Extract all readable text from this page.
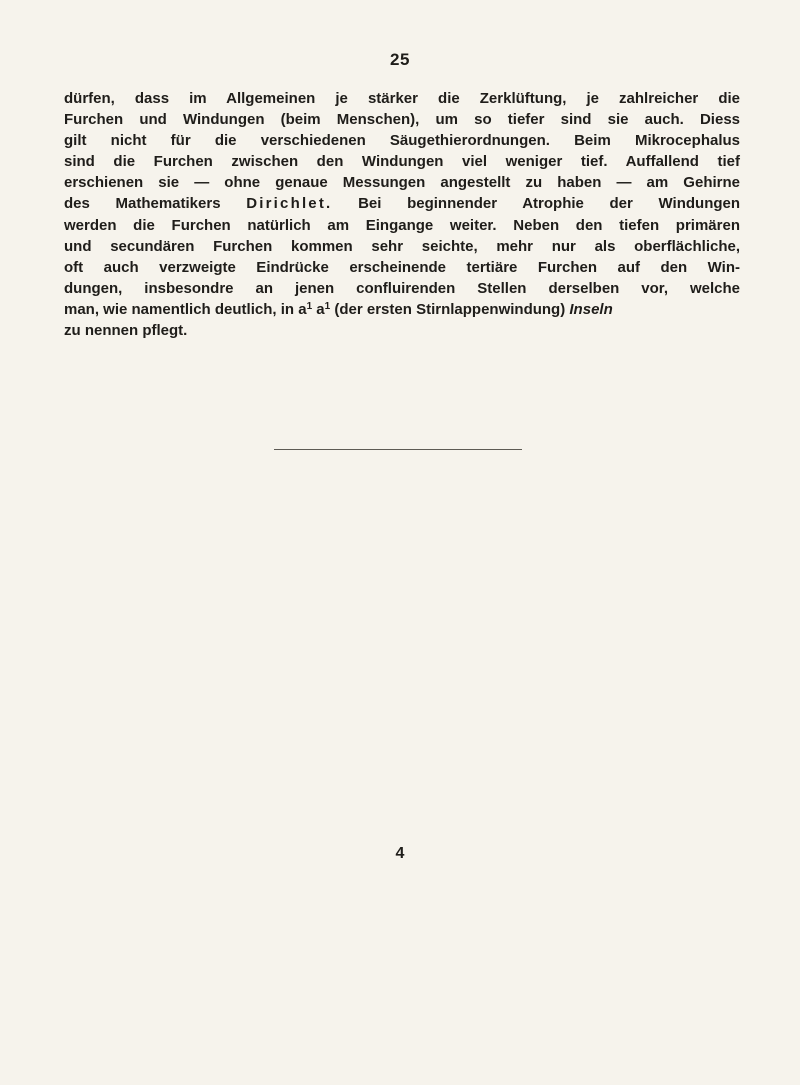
25
dürfen, dass im Allgemeinen je stärker die Zerklüftung, je zahlreicher die
Furchen und Windungen (beim Menschen), um so tiefer sind sie auch. Diess
gilt nicht für die verschiedenen Säugethierordnungen. Beim Mikrocephalus
sind die Furchen zwischen den Windungen viel weniger tief. Auffallend tief
erschienen sie — ohne genaue Messungen angestellt zu haben — am Gehirne
des Mathematikers Dirichlet. Bei beginnender Atrophie der Windungen
werden die Furchen natürlich am Eingange weiter. Neben den tiefen primären
und secundären Furchen kommen sehr seichte, mehr nur als oberflächliche,
oft auch verzweigte Eindrücke erscheinende tertiäre Furchen auf den Win-
dungen, insbesondre an jenen confluirenden Stellen derselben vor, welche
man, wie namentlich deutlich, in $a^1$ $a^1$ (der ersten Stirnlappenwindung) Inseln
zu nennen pflegt.
4
